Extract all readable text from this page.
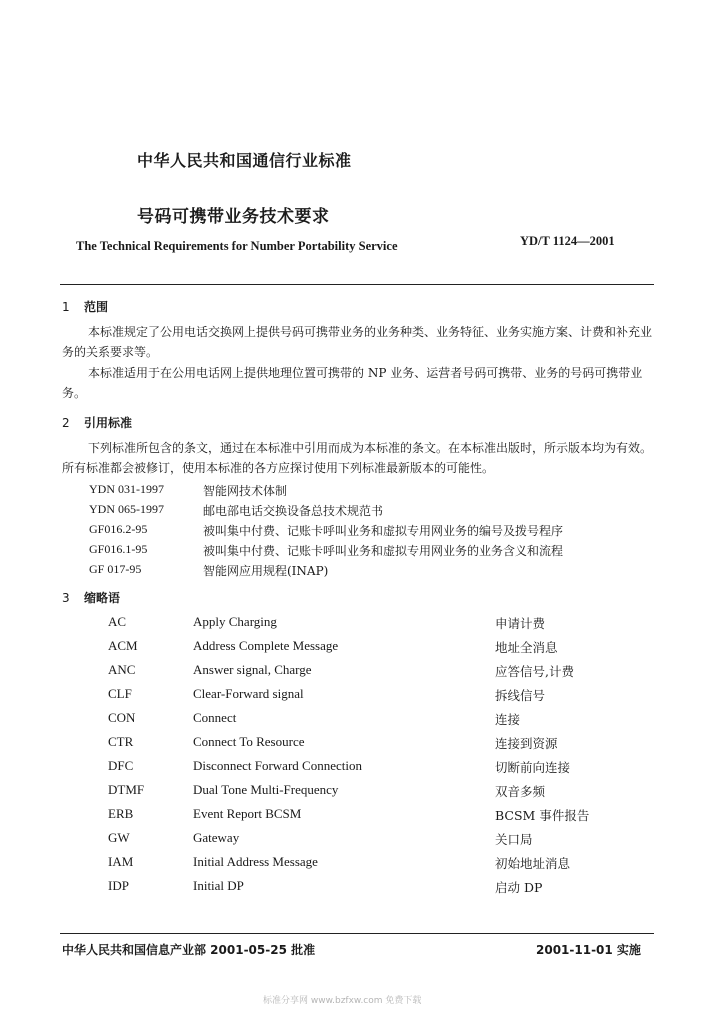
中华人民共和国通信行业标准
号码可携带业务技术要求
The Technical Requirements for Number Portability Service	YD/T 1124—2001
1 范围
本标准规定了公用电话交换网上提供号码可携带业务的业务种类、业务特征、业务实施方案、计费和补充业务的关系要求等。
本标准适用于在公用电话网上提供地理位置可携带的 NP 业务、运营者号码可携带、业务的号码可携带业务。
2 引用标准
下列标准所包含的条文，通过在本标准中引用而成为本标准的条文。在本标准出版时，所示版本均为有效。所有标准都会被修订，使用本标准的各方应探讨使用下列标准最新版本的可能性。
YDN 031-1997	智能网技术体制
YDN 065-1997	邮电部电话交换设备总技术规范书
GF016.2-95	被叫集中付费、记账卡呼叫业务和虚拟专用网业务的编号及拨号程序
GF016.1-95	被叫集中付费、记账卡呼叫业务和虚拟专用网业务的业务含义和流程
GF 017-95	智能网应用规程(INAP)
3 缩略语
AC	Apply Charging	申请计费
ACM	Address Complete Message	地址全消息
ANC	Answer signal, Charge	应答信号,计费
CLF	Clear-Forward signal	拆线信号
CON	Connect	连接
CTR	Connect To Resource	连接到资源
DFC	Disconnect Forward Connection	切断前向连接
DTMF	Dual Tone Multi-Frequency	双音多频
ERB	Event Report BCSM	BCSM 事件报告
GW	Gateway	关口局
IAM	Initial Address Message	初始地址消息
IDP	Initial DP	启动 DP
中华人民共和国信息产业部 2001-05-25 批准	2001-11-01 实施
标准分享网 www.bzfxw.com 免费下载
